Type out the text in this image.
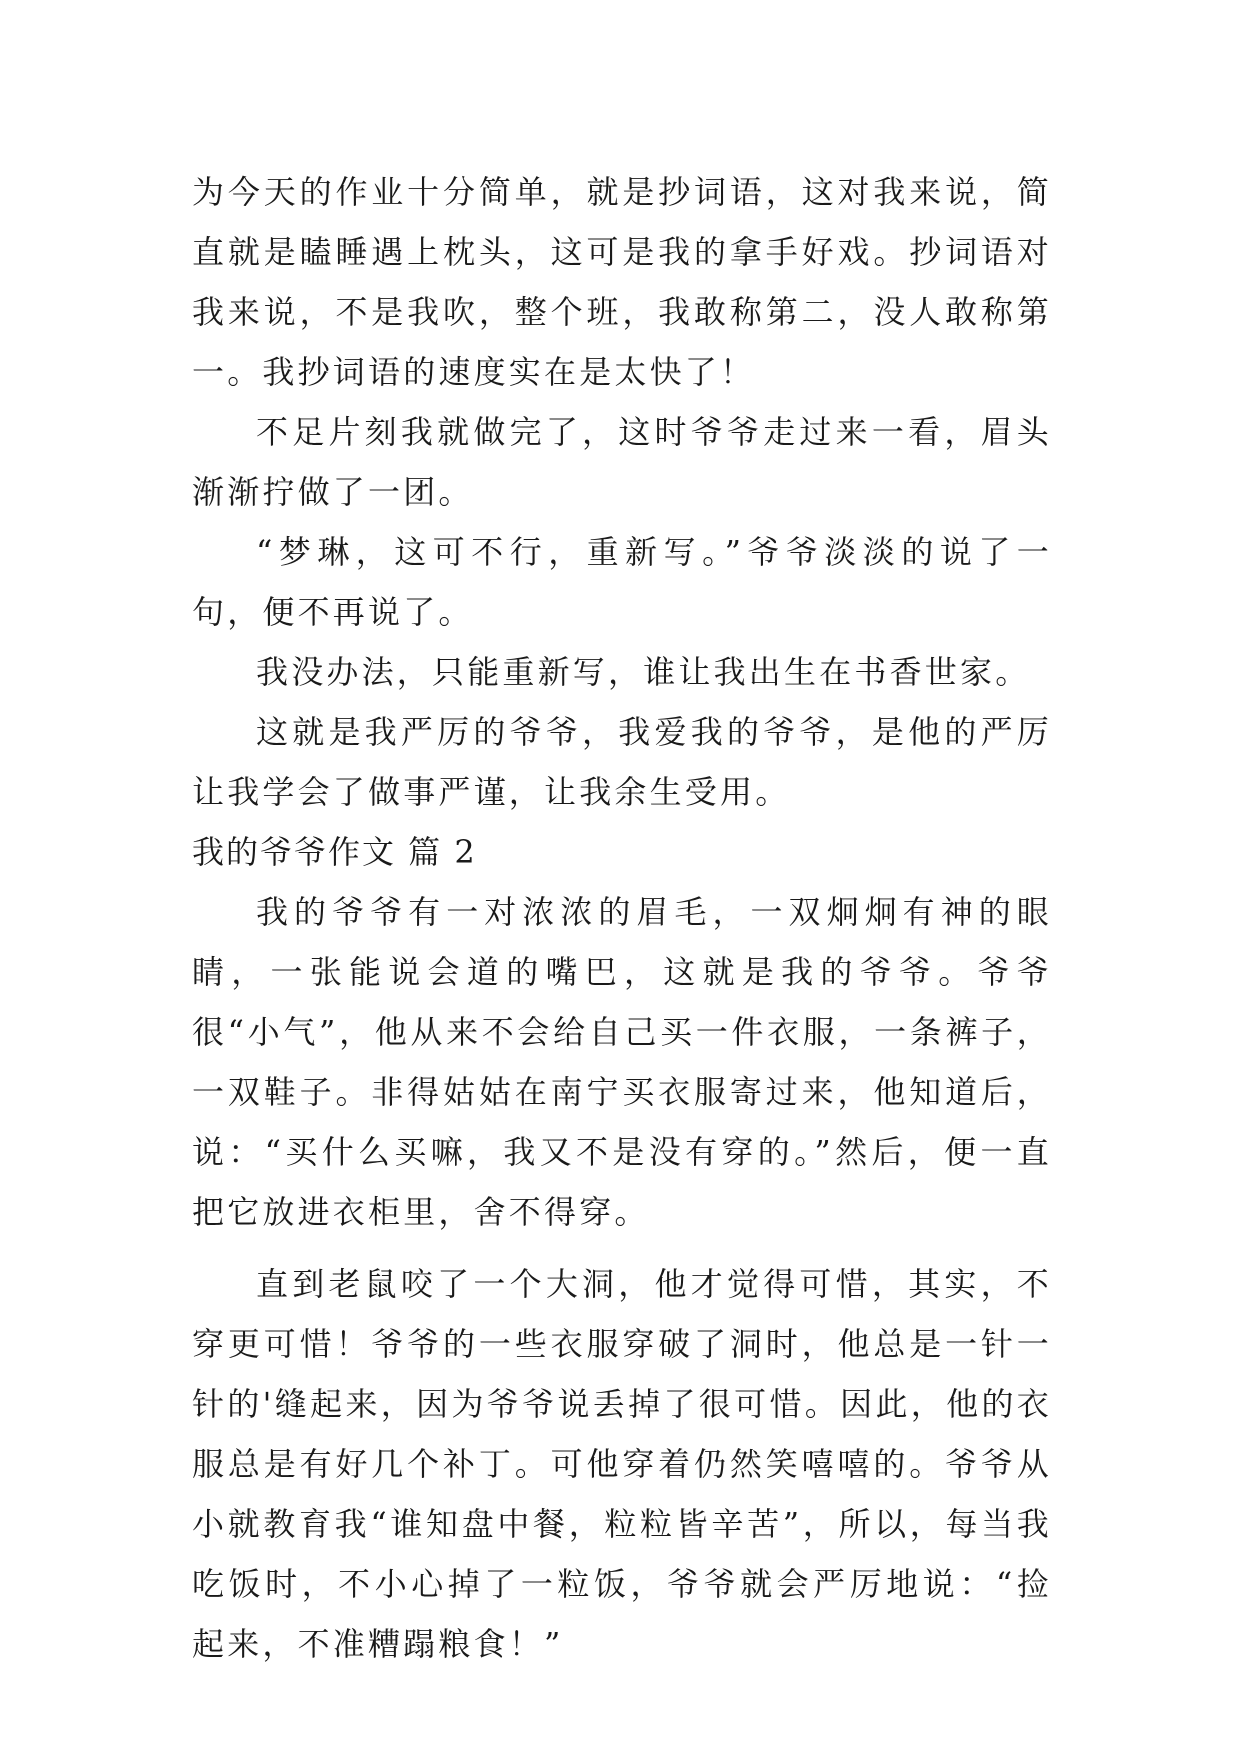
为今天的作业十分简单，就是抄词语，这对我来说，简直就是瞌睡遇上枕头，这可是我的拿手好戏。抄词语对我来说，不是我吹，整个班，我敢称第二，没人敢称第一。我抄词语的速度实在是太快了！

不足片刻我就做完了，这时爷爷走过来一看，眉头渐渐拧做了一团。

“梦琳，这可不行，重新写。”爷爷淡淡的说了一句，便不再说了。

我没办法，只能重新写，谁让我出生在书香世家。

这就是我严厉的爷爷，我爱我的爷爷，是他的严厉让我学会了做事严谨，让我余生受用。

我的爷爷作文 篇 2

我的爷爷有一对浓浓的眉毛，一双炯炯有神的眼睛，一张能说会道的嘴巴，这就是我的爷爷。爷爷很“小气”，他从来不会给自己买一件衣服，一条裤子，一双鞋子。非得姑姑在南宁买衣服寄过来，他知道后，说：“买什么买嘛，我又不是没有穿的。”然后，便一直把它放进衣柜里，舍不得穿。

直到老鼠咬了一个大洞，他才觉得可惜，其实，不穿更可惜！爷爷的一些衣服穿破了洞时，他总是一针一针的'缝起来，因为爷爷说丢掉了很可惜。因此，他的衣服总是有好几个补丁。可他穿着仍然笑嘻嘻的。爷爷从小就教育我“谁知盘中餐，粒粒皆辛苦”，所以，每当我吃饭时，不小心掉了一粒饭，爷爷就会严厉地说：“捡起来，不准糟蹋粮食！”
